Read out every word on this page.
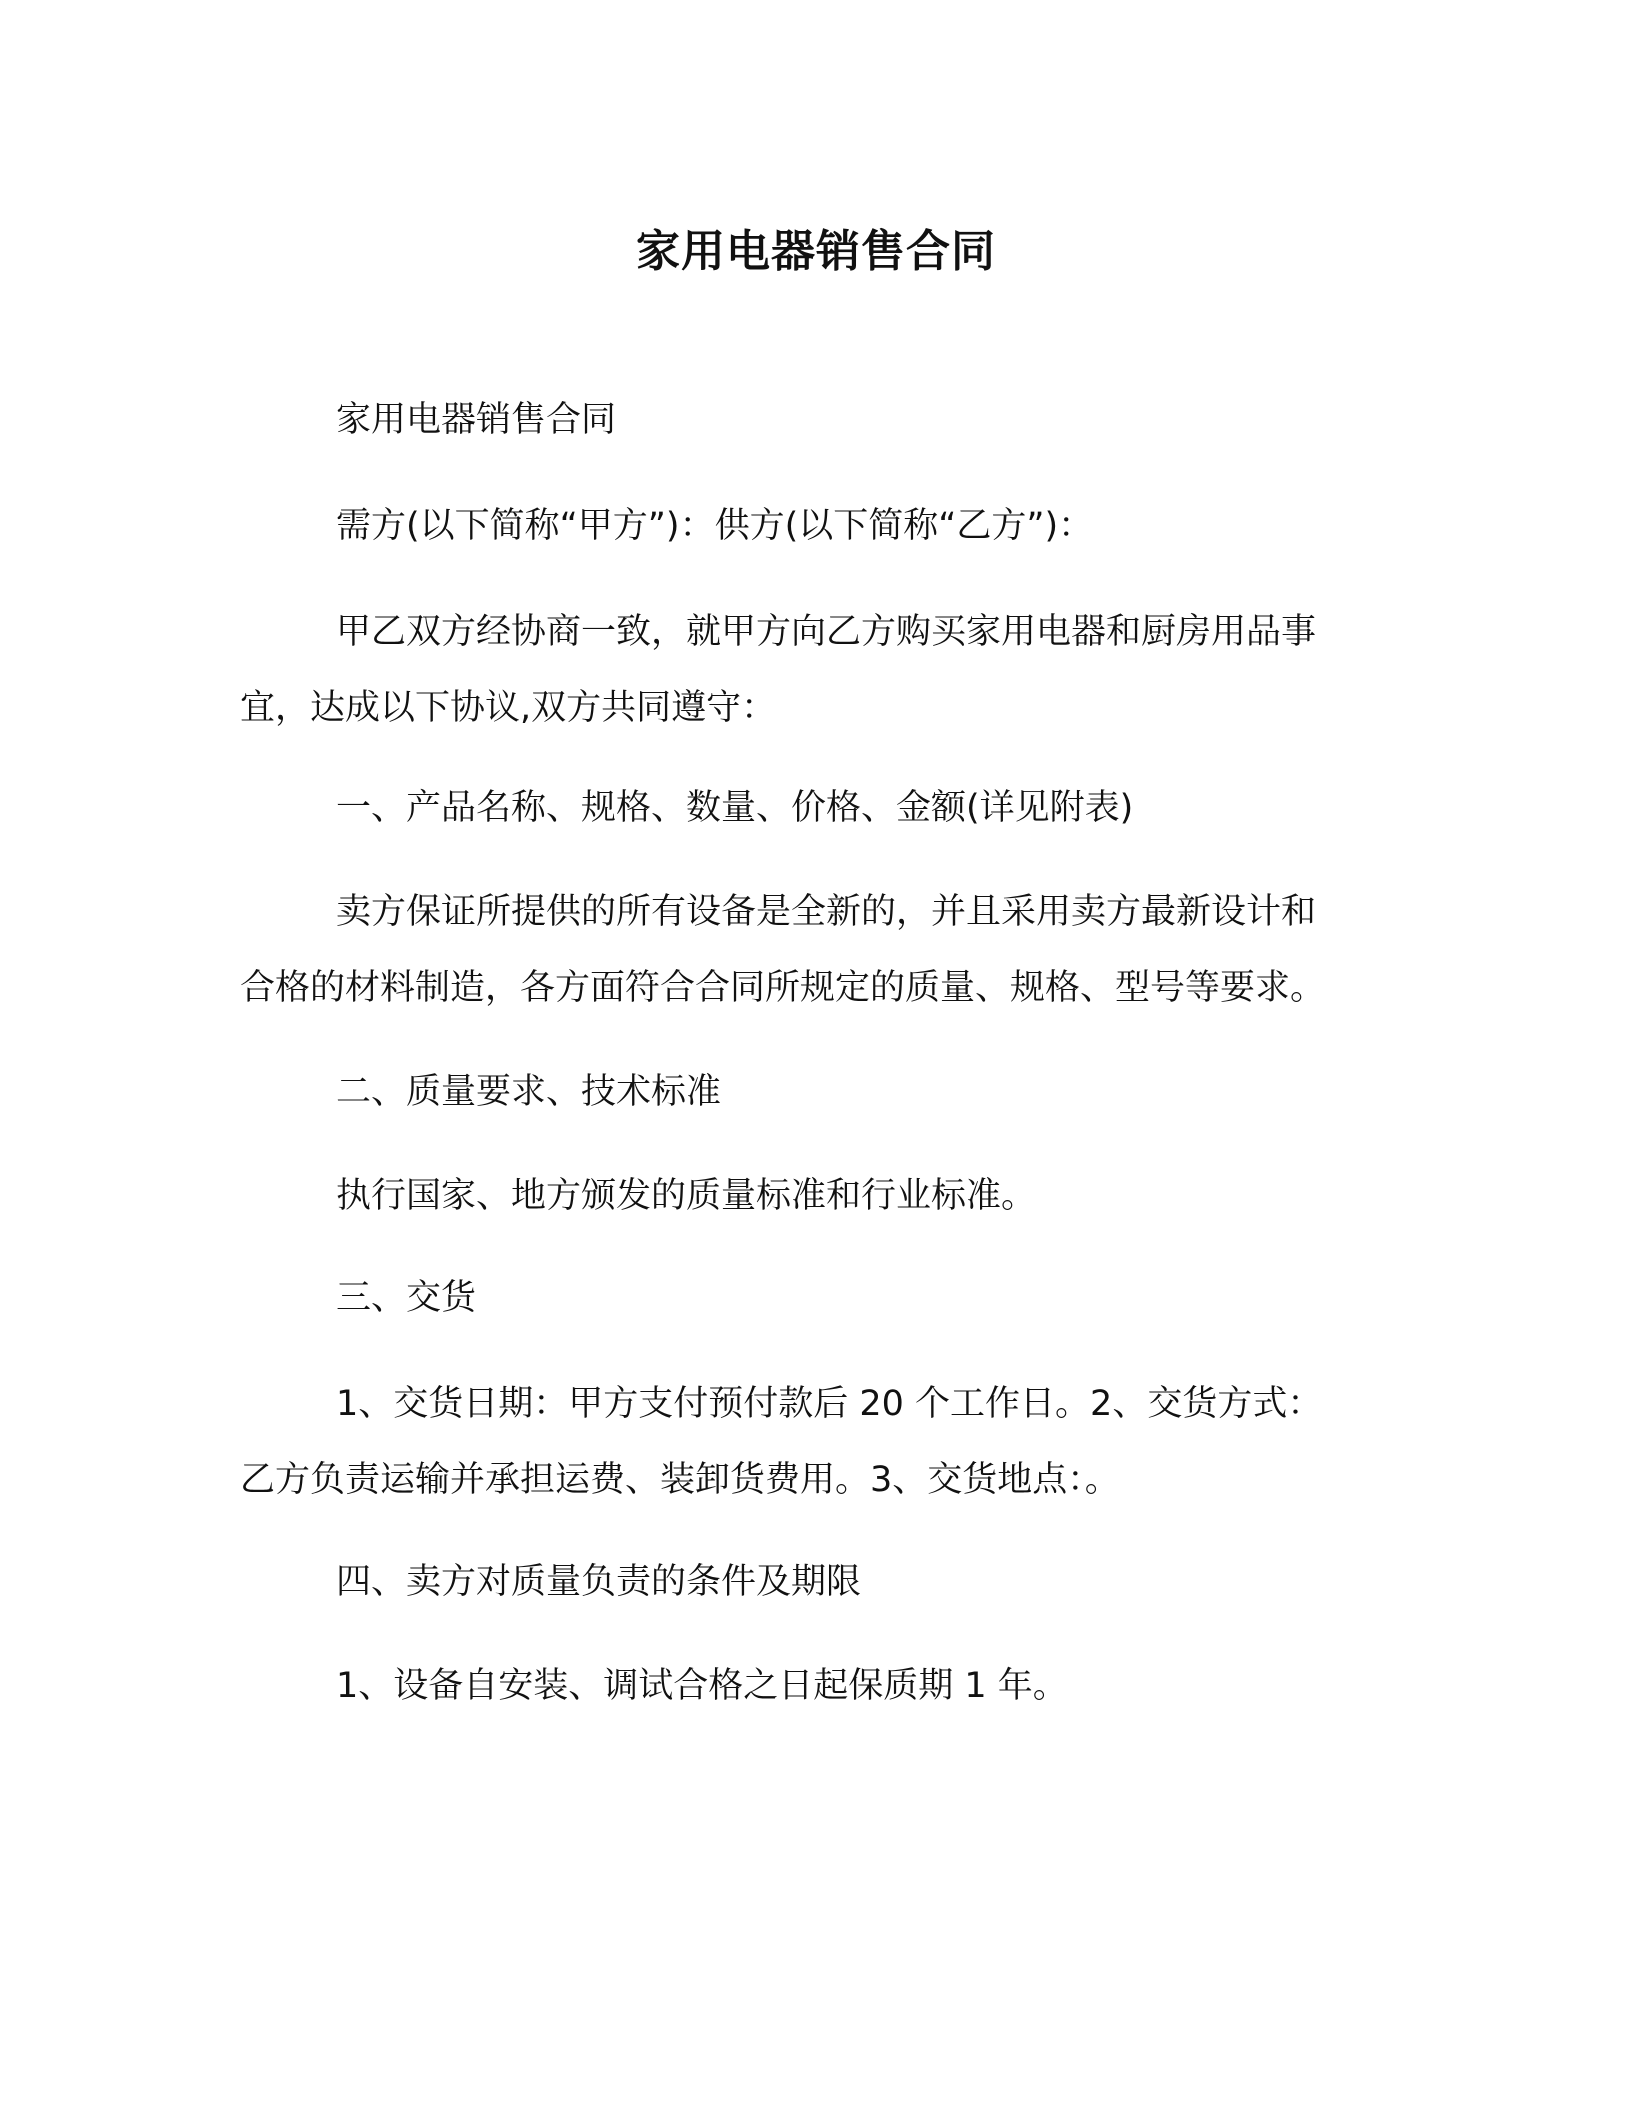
家用电器销售合同

家用电器销售合同

需方(以下简称“甲方”)：供方(以下简称“乙方”)：

甲乙双方经协商一致，就甲方向乙方购买家用电器和厨房用品事
宜，达成以下协议,双方共同遵守：

一、产品名称、规格、数量、价格、金额(详见附表)

卖方保证所提供的所有设备是全新的，并且采用卖方最新设计和
合格的材料制造，各方面符合合同所规定的质量、规格、型号等要求。

二、质量要求、技术标准

执行国家、地方颁发的质量标准和行业标准。

三、交货

1、交货日期：甲方支付预付款后 20 个工作日。2、交货方式：
乙方负责运输并承担运费、装卸货费用。3、交货地点：。

四、卖方对质量负责的条件及期限

1、设备自安装、调试合格之日起保质期 1 年。
